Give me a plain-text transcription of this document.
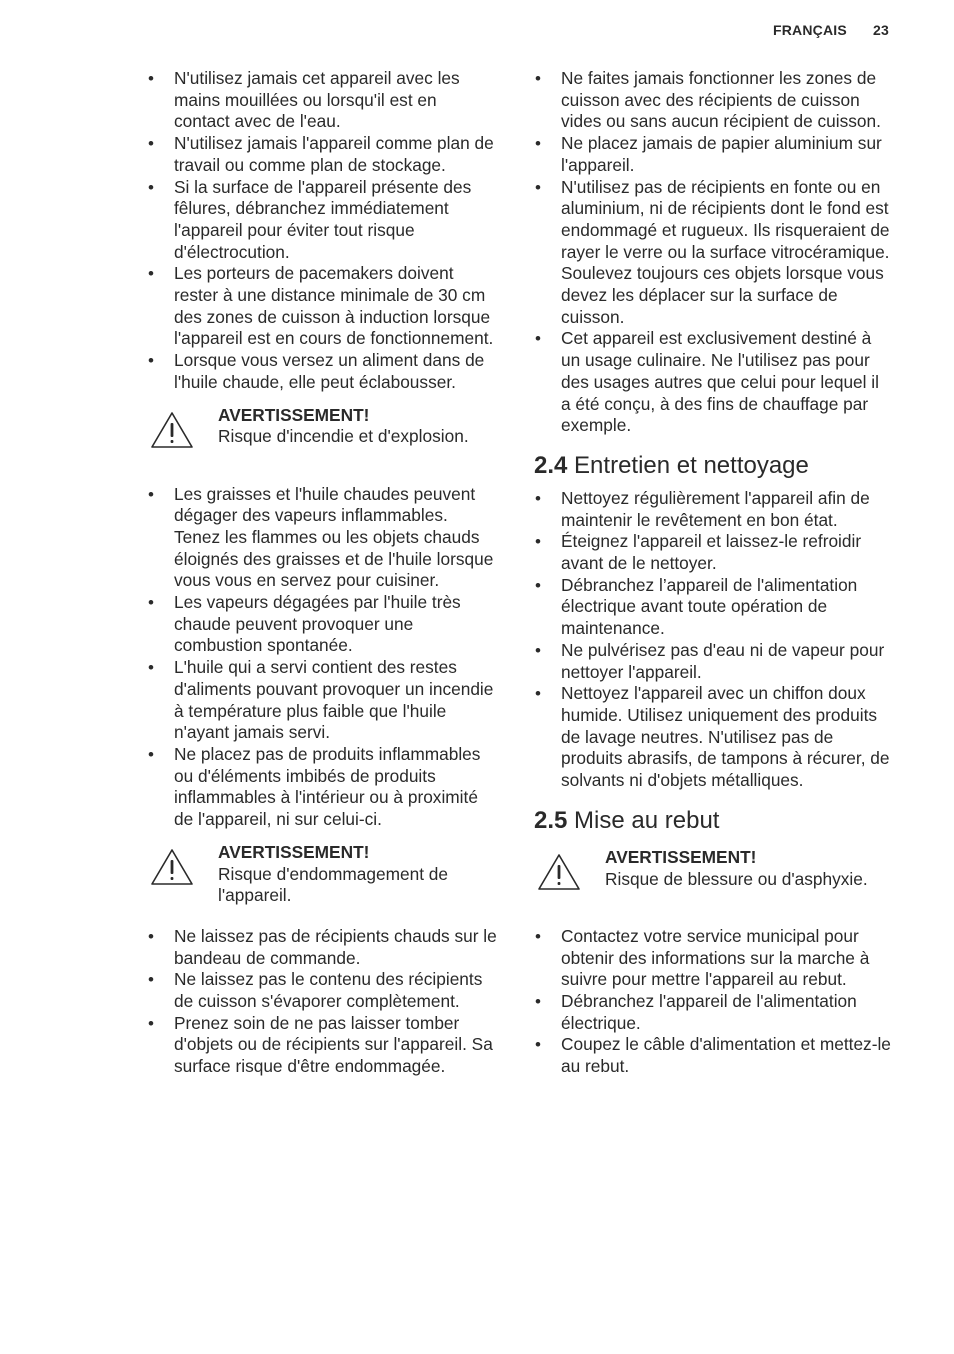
FRANÇAIS 23
• N'utilisez jamais cet appareil avec les mains mouillées ou lorsqu'il est en contact avec de l'eau.
• N'utilisez jamais l'appareil comme plan de travail ou comme plan de stockage.
• Si la surface de l'appareil présente des fêlures, débranchez immédiatement l'appareil pour éviter tout risque d'électrocution.
• Les porteurs de pacemakers doivent rester à une distance minimale de 30 cm des zones de cuisson à induction lorsque l'appareil est en cours de fonctionnement.
• Lorsque vous versez un aliment dans de l'huile chaude, elle peut éclabousser.
AVERTISSEMENT!
Risque d'incendie et d'explosion.
• Les graisses et l'huile chaudes peuvent dégager des vapeurs inflammables. Tenez les flammes ou les objets chauds éloignés des graisses et de l'huile lorsque vous vous en servez pour cuisiner.
• Les vapeurs dégagées par l'huile très chaude peuvent provoquer une combustion spontanée.
• L'huile qui a servi contient des restes d'aliments pouvant provoquer un incendie à température plus faible que l'huile n'ayant jamais servi.
• Ne placez pas de produits inflammables ou d'éléments imbibés de produits inflammables à l'intérieur ou à proximité de l'appareil, ni sur celui-ci.
AVERTISSEMENT!
Risque d'endommagement de l'appareil.
• Ne laissez pas de récipients chauds sur le bandeau de commande.
• Ne laissez pas le contenu des récipients de cuisson s'évaporer complètement.
• Prenez soin de ne pas laisser tomber d'objets ou de récipients sur l'appareil. Sa surface risque d'être endommagée.
• Ne faites jamais fonctionner les zones de cuisson avec des récipients de cuisson vides ou sans aucun récipient de cuisson.
• Ne placez jamais de papier aluminium sur l'appareil.
• N'utilisez pas de récipients en fonte ou en aluminium, ni de récipients dont le fond est endommagé et rugueux. Ils risqueraient de rayer le verre ou la surface vitrocéramique. Soulevez toujours ces objets lorsque vous devez les déplacer sur la surface de cuisson.
• Cet appareil est exclusivement destiné à un usage culinaire. Ne l'utilisez pas pour des usages autres que celui pour lequel il a été conçu, à des fins de chauffage par exemple.
2.4 Entretien et nettoyage
• Nettoyez régulièrement l'appareil afin de maintenir le revêtement en bon état.
• Éteignez l'appareil et laissez-le refroidir avant de le nettoyer.
• Débranchez l’appareil de l'alimentation électrique avant toute opération de maintenance.
• Ne pulvérisez pas d'eau ni de vapeur pour nettoyer l'appareil.
• Nettoyez l'appareil avec un chiffon doux humide. Utilisez uniquement des produits de lavage neutres. N'utilisez pas de produits abrasifs, de tampons à récurer, de solvants ni d'objets métalliques.
2.5 Mise au rebut
AVERTISSEMENT!
Risque de blessure ou d'asphyxie.
• Contactez votre service municipal pour obtenir des informations sur la marche à suivre pour mettre l'appareil au rebut.
• Débranchez l'appareil de l'alimentation électrique.
• Coupez le câble d'alimentation et mettez-le au rebut.
